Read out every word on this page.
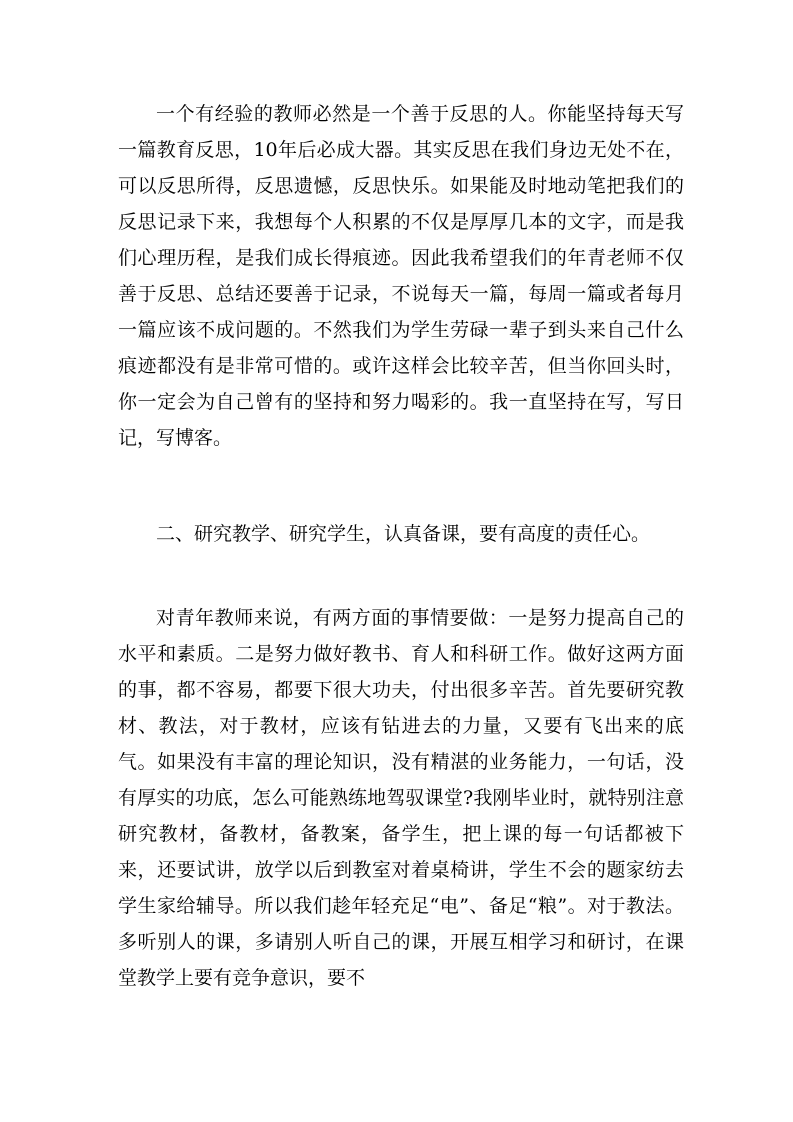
一个有经验的教师必然是一个善于反思的人。你能坚持每天写一篇教育反思，10年后必成大器。其实反思在我们身边无处不在，可以反思所得，反思遗憾，反思快乐。如果能及时地动笔把我们的反思记录下来，我想每个人积累的不仅是厚厚几本的文字，而是我们心理历程，是我们成长得痕迹。因此我希望我们的年青老师不仅善于反思、总结还要善于记录，不说每天一篇，每周一篇或者每月一篇应该不成问题的。不然我们为学生劳碌一辈子到头来自己什么痕迹都没有是非常可惜的。或许这样会比较辛苦，但当你回头时，你一定会为自己曾有的坚持和努力喝彩的。我一直坚持在写，写日记，写博客。

二、研究教学、研究学生，认真备课，要有高度的责任心。

对青年教师来说，有两方面的事情要做：一是努力提高自己的水平和素质。二是努力做好教书、育人和科研工作。做好这两方面的事，都不容易，都要下很大功夫，付出很多辛苦。首先要研究教材、教法，对于教材，应该有钻进去的力量，又要有飞出来的底气。如果没有丰富的理论知识，没有精湛的业务能力，一句话，没有厚实的功底，怎么可能熟练地驾驭课堂?我刚毕业时，就特别注意研究教材，备教材，备教案，备学生，把上课的每一句话都被下来，还要试讲，放学以后到教室对着桌椅讲，学生不会的题家纺去学生家给辅导。所以我们趁年轻充足“电”、备足“粮”。对于教法。多听别人的课，多请别人听自己的课，开展互相学习和研讨，在课堂教学上要有竞争意识，要不
